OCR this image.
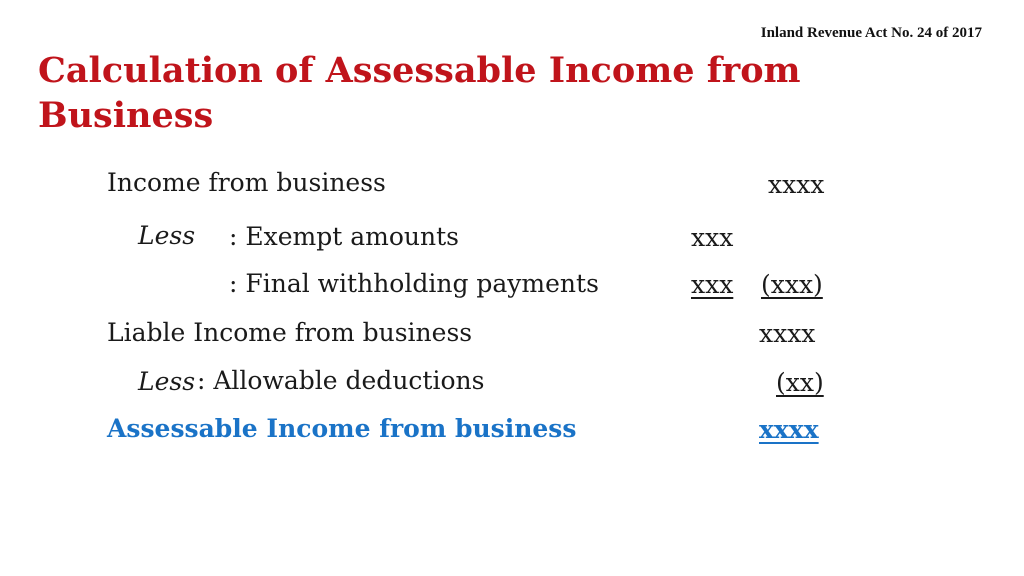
Inland Revenue Act No. 24 of 2017
Calculation of Assessable Income from Business
Income from business	xxxx
Less : Exempt amounts	xxx
: Final withholding payments	xxx (xxx)
Liable Income from business	xxxx
Less : Allowable deductions	(xx)
Assessable Income from business	xxxx
